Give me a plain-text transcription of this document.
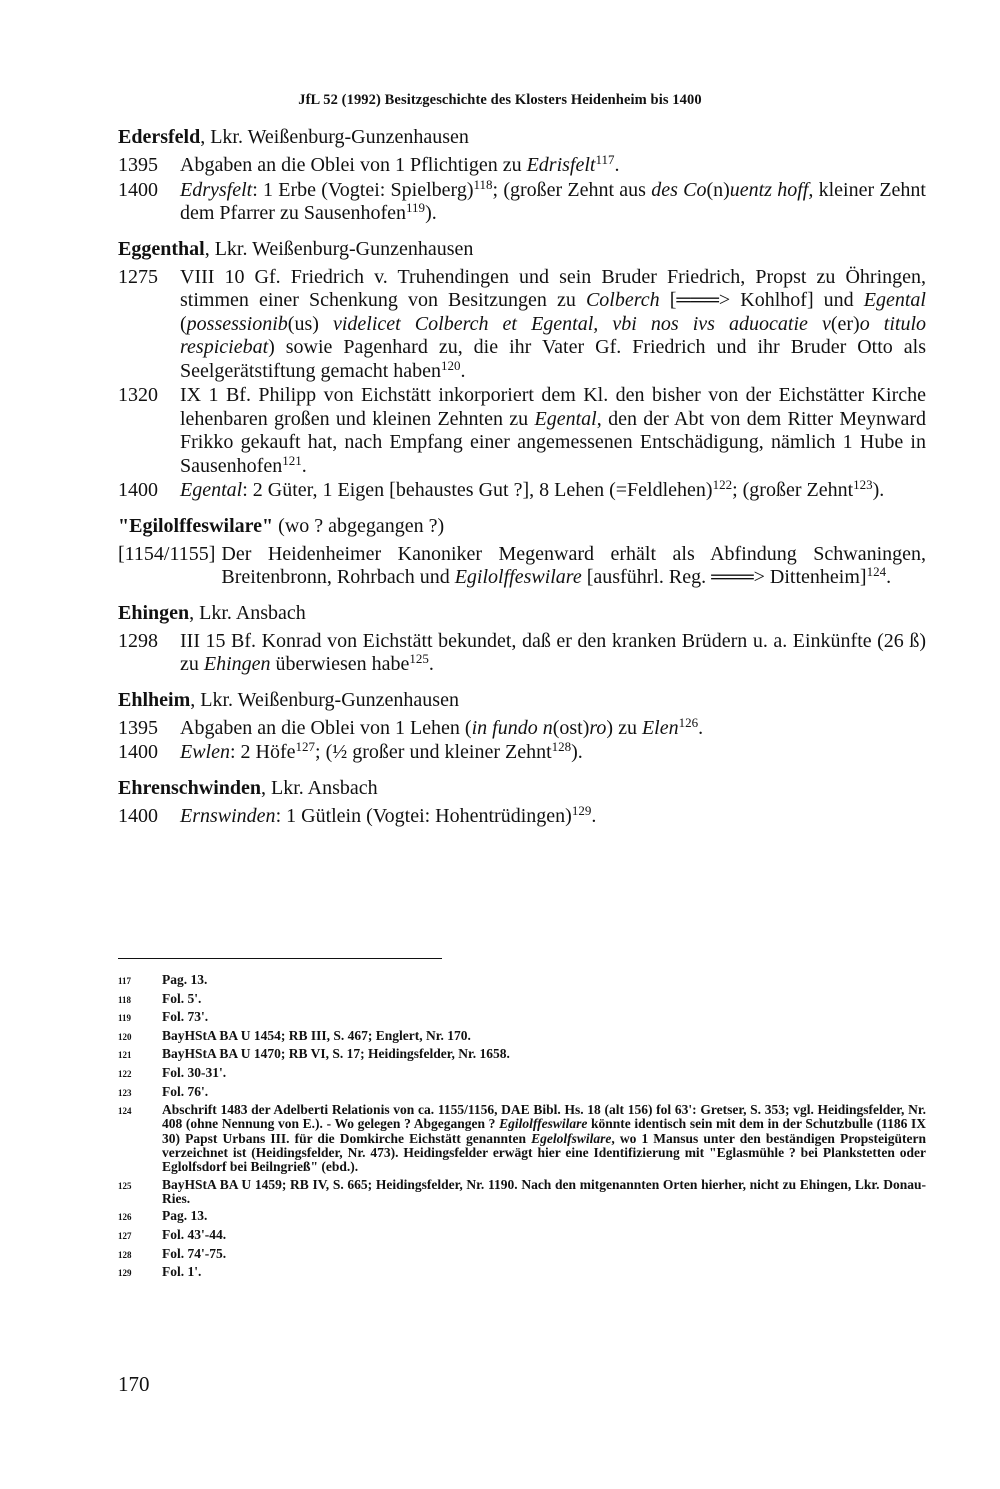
JfL 52 (1992) Besitzgeschichte des Klosters Heidenheim bis 1400
Edersfeld, Lkr. Weißenburg-Gunzenhausen
1395	Abgaben an die Oblei von 1 Pflichtigen zu Edrisfelt$^{117}$.
1400	Edrysfelt: 1 Erbe (Vogtei: Spielberg)$^{118}$; (großer Zehnt aus des Co(n)uentz hoff, kleiner Zehnt dem Pfarrer zu Sausenhofen$^{119}$).
Eggenthal, Lkr. Weißenburg-Gunzenhausen
1275	VIII 10 Gf. Friedrich v. Truhendingen und sein Bruder Friedrich, Propst zu Öhringen, stimmen einer Schenkung von Besitzungen zu Colberch [═══> Kohlhof] und Egental (possessionib(us) videlicet Colberch et Egental, vbi nos ivs aduocatie v(er)o titulo respiciebat) sowie Pagenhard zu, die ihr Vater Gf. Friedrich und ihr Bruder Otto als Seelgerätstiftung gemacht haben$^{120}$.
1320	IX 1 Bf. Philipp von Eichstätt inkorporiert dem Kl. den bisher von der Eichstätter Kirche lehenbaren großen und kleinen Zehnten zu Egental, den der Abt von dem Ritter Meynward Frikko gekauft hat, nach Empfang einer angemessenen Entschädigung, nämlich 1 Hube in Sausenhofen$^{121}$.
1400	Egental: 2 Güter, 1 Eigen [behaustes Gut ?], 8 Lehen (=Feldlehen)$^{122}$; (großer Zehnt$^{123}$).
"Egilolffeswilare" (wo ? abgegangen ?)
[1154/1155] Der Heidenheimer Kanoniker Megenward erhält als Abfindung Schwaningen, Breitenbronn, Rohrbach und Egilolffeswilare [ausführl. Reg. ═══> Dittenheim]$^{124}$.
Ehingen, Lkr. Ansbach
1298	III 15 Bf. Konrad von Eichstätt bekundet, daß er den kranken Brüdern u. a. Einkünfte (26 ß) zu Ehingen überwiesen habe$^{125}$.
Ehlheim, Lkr. Weißenburg-Gunzenhausen
1395	Abgaben an die Oblei von 1 Lehen (in fundo n(ost)ro) zu Elen$^{126}$.
1400	Ewlen: 2 Höfe$^{127}$; (½ großer und kleiner Zehnt$^{128}$).
Ehrenschwinden, Lkr. Ansbach
1400	Ernswinden: 1 Gütlein (Vogtei: Hohentrüdingen)$^{129}$.
117	Pag. 13.
118	Fol. 5'.
119	Fol. 73'.
120	BayHStA BA U 1454; RB III, S. 467; Englert, Nr. 170.
121	BayHStA BA U 1470; RB VI, S. 17; Heidingsfelder, Nr. 1658.
122	Fol. 30-31'.
123	Fol. 76'.
124	Abschrift 1483 der Adelberti Relationis von ca. 1155/1156, DAE Bibl. Hs. 18 (alt 156) fol 63': Gretser, S. 353; vgl. Heidingsfelder, Nr. 408 (ohne Nennung von E.). - Wo gelegen ? Abgegangen ? Egilolffeswilare könnte identisch sein mit dem in der Schutzbulle (1186 IX 30) Papst Urbans III. für die Domkirche Eichstätt genannten Egelolfswilare, wo 1 Mansus unter den beständigen Propsteigütern verzeichnet ist (Heidingsfelder, Nr. 473). Heidingsfelder erwägt hier eine Identifizierung mit "Eglasmühle ? bei Plankstetten oder Eglolfsdorf bei Beilngrieß" (ebd.).
125	BayHStA BA U 1459; RB IV, S. 665; Heidingsfelder, Nr. 1190. Nach den mitgenannten Orten hierher, nicht zu Ehingen, Lkr. Donau-Ries.
126	Pag. 13.
127	Fol. 43'-44.
128	Fol. 74'-75.
129	Fol. 1'.
170
